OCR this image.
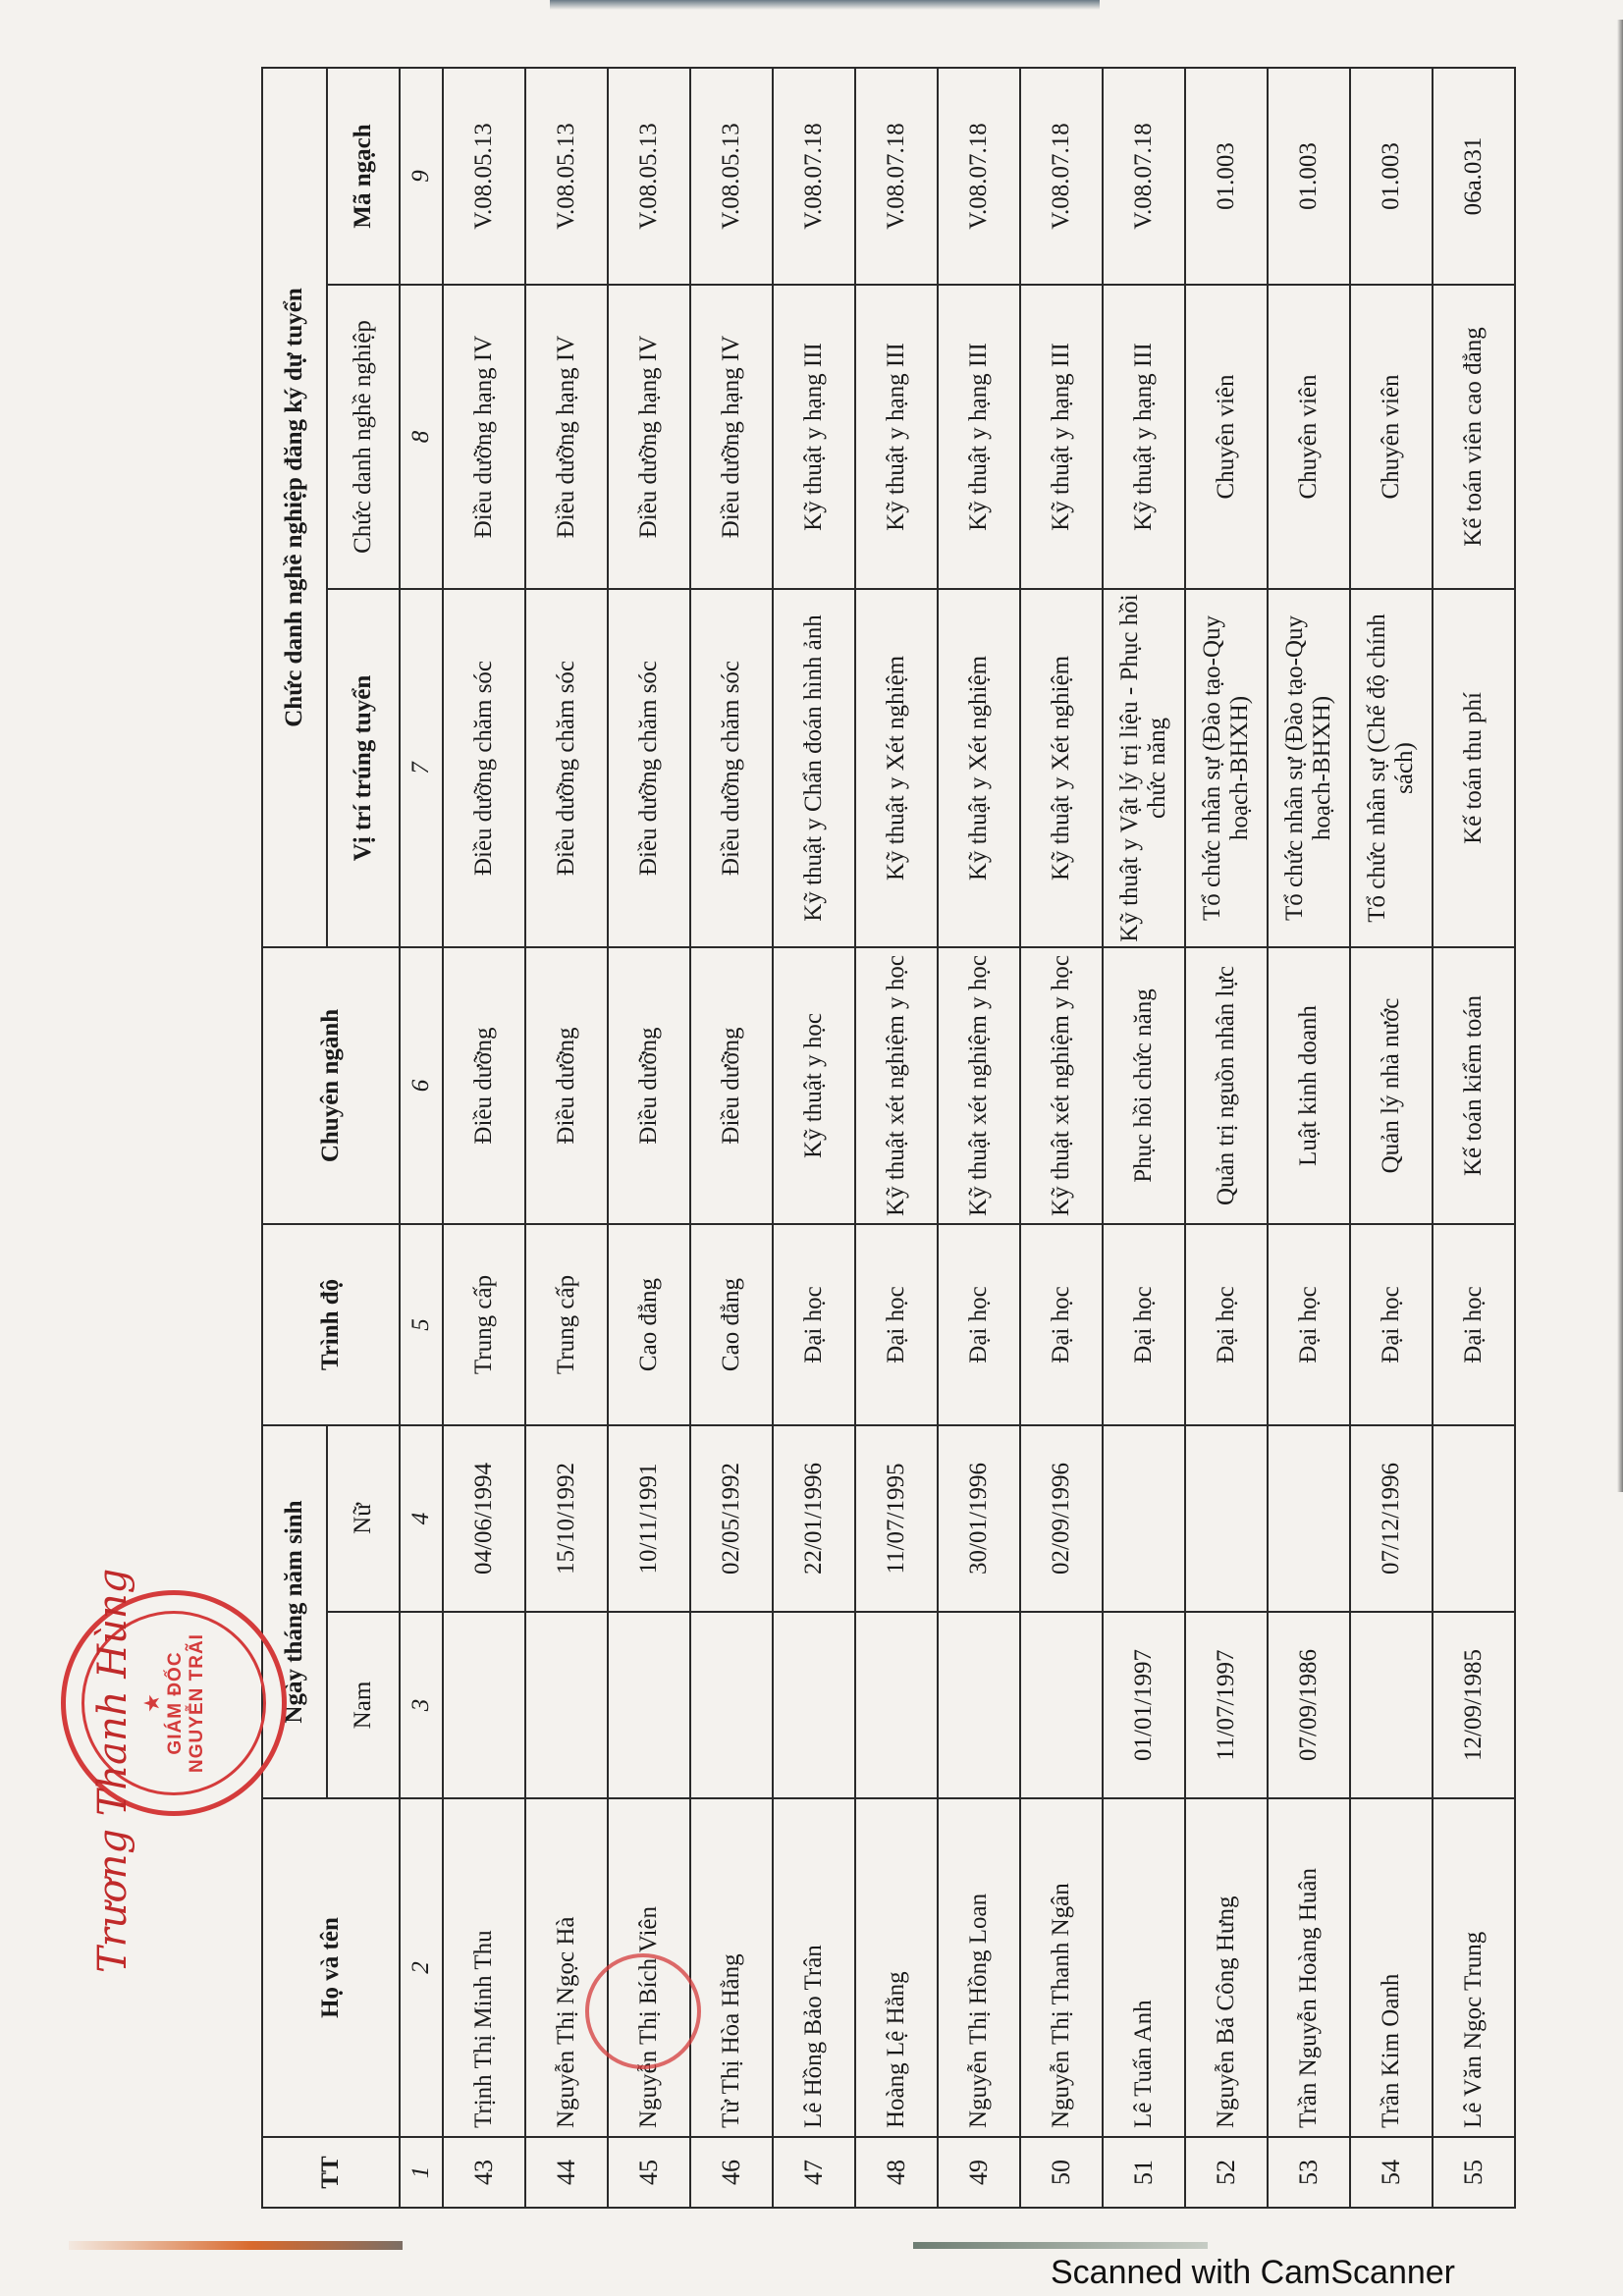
TT	Họ và tên	Ngày tháng năm sinh		Trình độ	Chuyên ngành	Chức danh nghề nghiệp đăng ký dự tuyển		
		Nam	Nữ			Vị trí trúng tuyển	Chức danh nghề nghiệp	Mã ngạch

1	2	3	4	5	6	7	8	9
43	Trịnh Thị Minh Thu		04/06/1994	Trung cấp	Điều dưỡng	Điều dưỡng chăm sóc	Điều dưỡng hạng IV	V.08.05.13
44	Nguyễn Thị Ngọc Hà		15/10/1992	Trung cấp	Điều dưỡng	Điều dưỡng chăm sóc	Điều dưỡng hạng IV	V.08.05.13
45	Nguyễn Thị Bích Viên		10/11/1991	Cao đẳng	Điều dưỡng	Điều dưỡng chăm sóc	Điều dưỡng hạng IV	V.08.05.13
46	Từ Thị Hòa Hằng		02/05/1992	Cao đẳng	Điều dưỡng	Điều dưỡng chăm sóc	Điều dưỡng hạng IV	V.08.05.13
47	Lê Hồng Bảo Trân		22/01/1996	Đại học	Kỹ thuật y học	Kỹ thuật y Chẩn đoán hình ảnh	Kỹ thuật y hạng III	V.08.07.18
48	Hoàng Lệ Hằng		11/07/1995	Đại học	Kỹ thuật xét nghiệm y học	Kỹ thuật y Xét nghiệm	Kỹ thuật y hạng III	V.08.07.18
49	Nguyễn Thị Hồng Loan		30/01/1996	Đại học	Kỹ thuật xét nghiệm y học	Kỹ thuật y Xét nghiệm	Kỹ thuật y hạng III	V.08.07.18
50	Nguyễn Thị Thanh Ngân		02/09/1996	Đại học	Kỹ thuật xét nghiệm y học	Kỹ thuật y Xét nghiệm	Kỹ thuật y hạng III	V.08.07.18
51	Lê Tuấn Anh	01/01/1997		Đại học	Phục hồi chức năng	Kỹ thuật y Vật lý trị liệu - Phục hồi chức năng	Kỹ thuật y hạng III	V.08.07.18
52	Nguyễn Bá Công Hưng	11/07/1997		Đại học	Quản trị nguồn nhân lực	Tổ chức nhân sự (Đào tạo-Quy hoạch-BHXH)	Chuyên viên	01.003
53	Trần Nguyễn Hoàng Huân	07/09/1986		Đại học	Luật kinh doanh	Tổ chức nhân sự (Đào tạo-Quy hoạch-BHXH)	Chuyên viên	01.003
54	Trần Kim Oanh		07/12/1996	Đại học	Quản lý nhà nước	Tổ chức nhân sự (Chế độ chính sách)	Chuyên viên	01.003
55	Lê Văn Ngọc Trung	12/09/1985		Đại học	Kế toán kiểm toán	Kế toán thu phí	Kế toán viên cao đẳng	06a.031
★ GIÁM ĐỐC NGUYỄN TRÃI
Trương Thanh Hùng
Scanned with CamScanner
